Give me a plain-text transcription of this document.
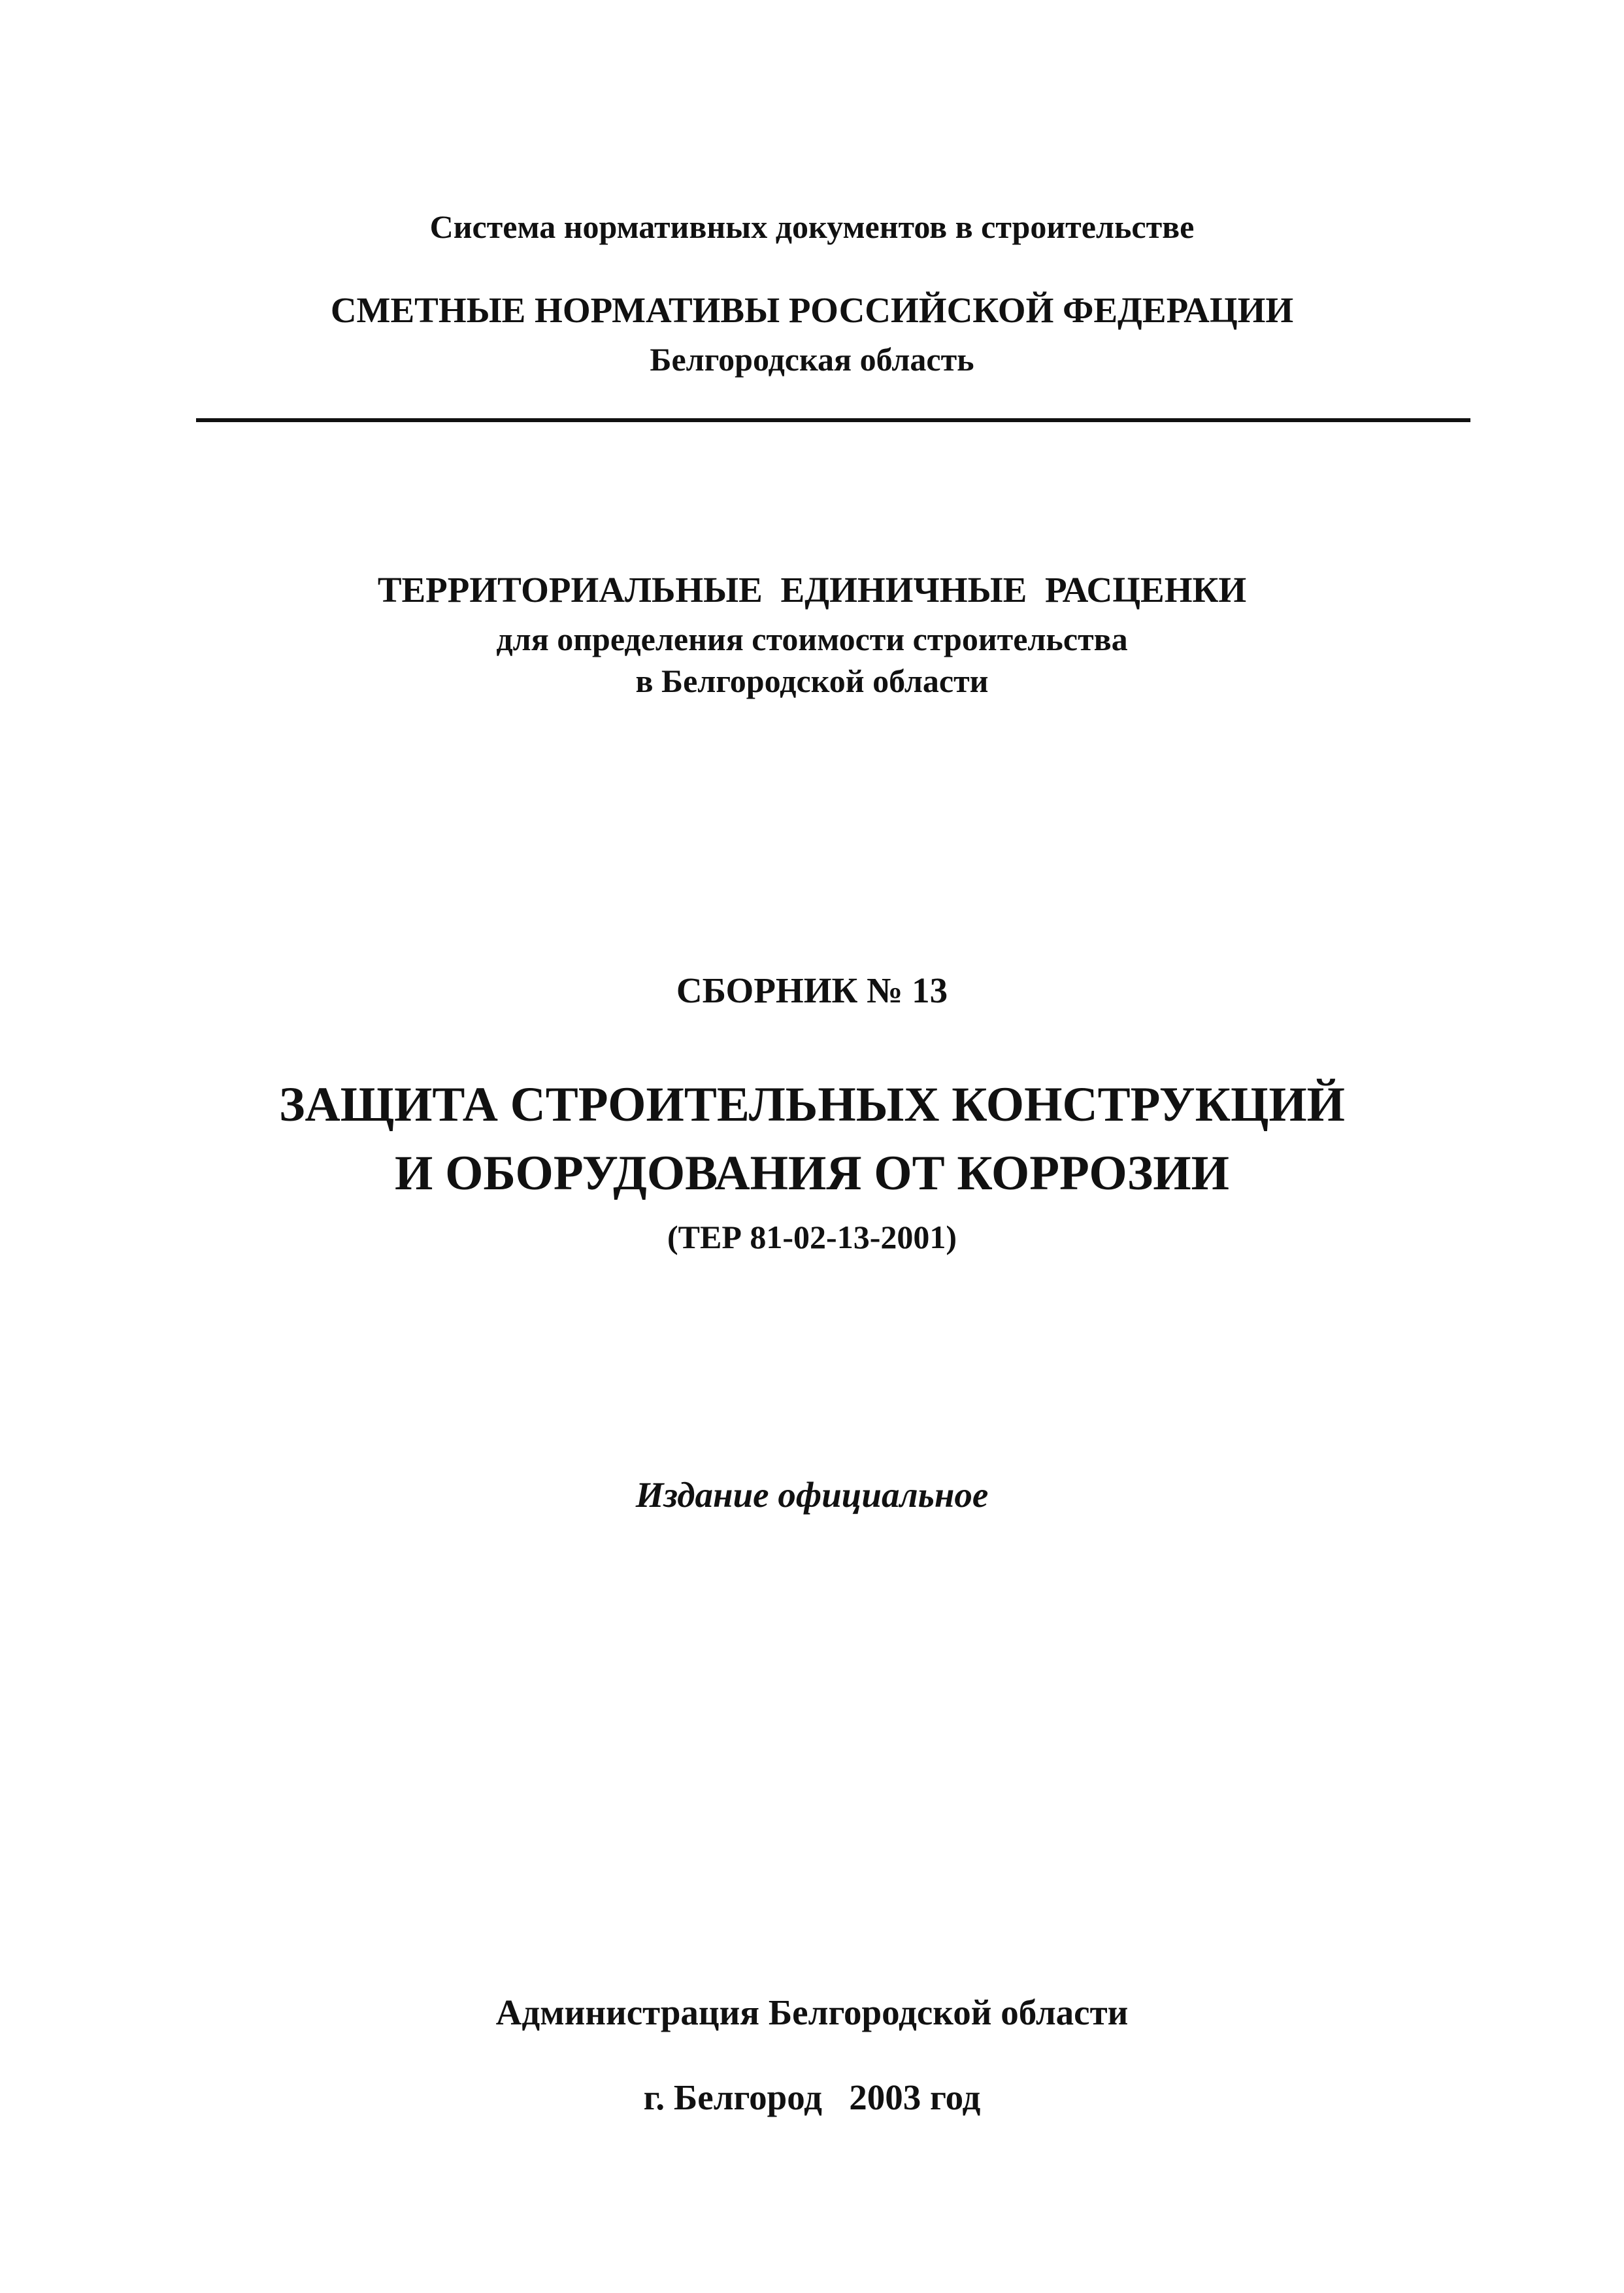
Система нормативных документов в строительстве
СМЕТНЫЕ НОРМАТИВЫ РОССИЙСКОЙ ФЕДЕРАЦИИ
Белгородская область
ТЕРРИТОРИАЛЬНЫЕ ЕДИНИЧНЫЕ РАСЦЕНКИ
для определения стоимости строительства
в Белгородской области
СБОРНИК № 13
ЗАЩИТА СТРОИТЕЛЬНЫХ КОНСТРУКЦИЙ
И ОБОРУДОВАНИЯ ОТ КОРРОЗИИ
(ТЕР 81-02-13-2001)
Издание официальное
Администрация Белгородской области
г. Белгород   2003 год
